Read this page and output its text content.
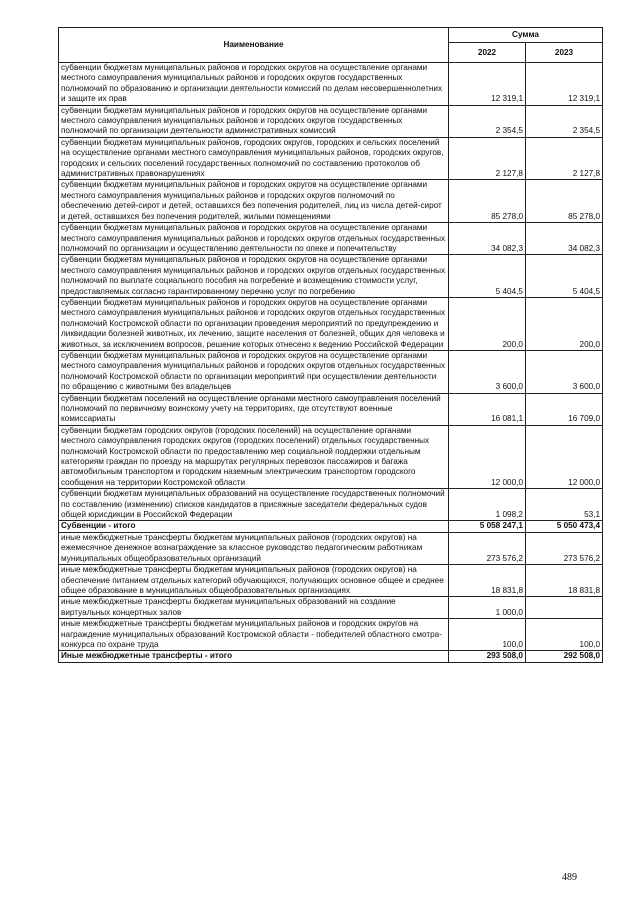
Наименование	Сумма	
	2022	2023
субвенции бюджетам муниципальных районов и городских округов на осуществление органами местного самоуправления муниципальных районов и городских округов государственных полномочий по образованию и организации деятельности комиссий по делам несовершеннолетних и защите их прав	12 319,1	12 319,1
субвенции бюджетам муниципальных районов и городских округов на осуществление органами местного самоуправления муниципальных районов и городских округов государственных полномочий по организации деятельности административных комиссий	2 354,5	2 354,5
субвенции бюджетам муниципальных районов, городских округов, городских и сельских поселений на осуществление органами местного самоуправления муниципальных районов, городских округов, городских и сельских поселений государственных полномочий по составлению протоколов об административных правонарушениях	2 127,8	2 127,8
субвенции бюджетам муниципальных районов и городских округов на осуществление органами местного самоуправления муниципальных районов и городских округов полномочий по обеспечению детей-сирот и детей, оставшихся без попечения родителей, лиц из числа детей-сирот и детей, оставшихся без попечения родителей, жилыми помещениями	85 278,0	85 278,0
субвенции бюджетам муниципальных районов и городских округов на осуществление органами местного самоуправления муниципальных районов и городских округов отдельных государственных полномочий по организации и осуществлению деятельности по опеке и попечительству	34 082,3	34 082,3
субвенции бюджетам муниципальных районов и городских округов на осуществление органами местного самоуправления муниципальных районов и городских округов отдельных государственных полномочий по выплате социального пособия на погребение и возмещению стоимости услуг, предоставляемых согласно гарантированному перечню услуг по погребению	5 404,5	5 404,5
субвенции бюджетам муниципальных районов и городских округов на осуществление органами местного самоуправления муниципальных районов и городских округов отдельных государственных полномочий Костромской области по организации проведения мероприятий по предупреждению и ликвидации болезней животных, их лечению, защите населения от болезней, общих для человека и животных, за исключением вопросов, решение которых отнесено к ведению Российской Федерации	200,0	200,0
субвенции бюджетам муниципальных районов и городских округов на осуществление органами местного самоуправления муниципальных районов и городских округов отдельных государственных полномочий Костромской области по организации мероприятий при осуществлении деятельности по обращению с животными без владельцев	3 600,0	3 600,0
субвенции бюджетам поселений на осуществление органами местного самоуправления поселений полномочий по первичному воинскому учету на территориях, где отсутствуют военные комиссариаты	16 081,1	16 709,0
субвенции бюджетам городских округов (городских поселений) на осуществление органами местного самоуправления городских округов (городских поселений) отдельных государственных полномочий Костромской области по предоставлению мер социальной поддержки отдельным категориям граждан по проезду на маршрутах регулярных перевозок пассажиров и багажа автомобильным транспортом и городским наземным электрическим транспортом городского сообщения на территории Костромской области	12 000,0	12 000,0
субвенции бюджетам муниципальных образований на осуществление государственных полномочий по составлению (изменению) списков кандидатов в присяжные заседатели федеральных судов общей юрисдикции в Российской Федерации	1 098,2	53,1
Субвенции - итого	5 058 247,1	5 050 473,4
иные межбюджетные трансферты бюджетам муниципальных районов (городских округов) на ежемесячное денежное вознаграждение за классное руководство педагогическим работникам муниципальных общеобразовательных организаций	273 576,2	273 576,2
иные межбюджетные трансферты бюджетам муниципальных районов (городских округов) на обеспечение питанием отдельных категорий обучающихся, получающих основное общее и среднее общее образование в муниципальных общеобразовательных организациях	18 831,8	18 831,8
иные межбюджетные трансферты бюджетам муниципальных образований на создание виртуальных концертных залов	1 000,0	
иные межбюджетные трансферты бюджетам муниципальных районов и городских округов на награждение муниципальных образований Костромской области - победителей областного смотра-конкурса по охране труда	100,0	100,0
Иные межбюджетные трансферты - итого	293 508,0	292 508,0
489
